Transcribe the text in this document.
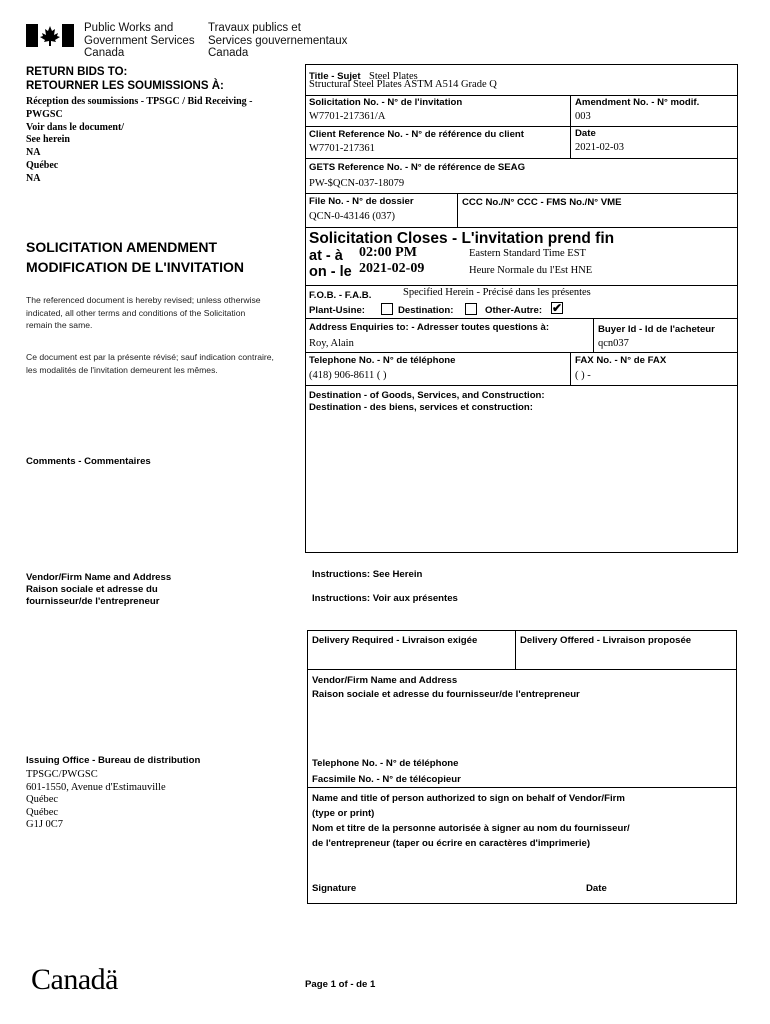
Public Works and
Government Services
Canada
Travaux publics et
Services gouvernementaux
Canada
RETURN BIDS TO:
RETOURNER LES SOUMISSIONS À:
Réception des soumissions - TPSGC / Bid Receiving -
PWGSC
Voir dans le document/
See herein
NA
Québec
NA
SOLICITATION AMENDMENT
MODIFICATION DE L'INVITATION
The referenced document is hereby revised; unless otherwise
indicated, all other terms and conditions of the Solicitation
remain the same.
Ce document est par la présente révisé; sauf indication contraire,
les modalités de l'invitation demeurent les mêmes.
Comments - Commentaires
Vendor/Firm Name and Address
Raison sociale et adresse du
fournisseur/de l'entrepreneur
Issuing Office - Bureau de distribution
TPSGC/PWGSC
601-1550, Avenue d'Estimauville
Québec
Québec
G1J 0C7
Title - Sujet Steel Plates
Structural Steel Plates ASTM A514 Grade Q
Solicitation No. - N° de l'invitation
W7701-217361/A
Amendment No. - N° modif.
003
Client Reference No. - N° de référence du client
W7701-217361
Date
2021-02-03
GETS Reference No. - N° de référence de SEAG
PW-$QCN-037-18079
File No. - N° de dossier
QCN-0-43146 (037)
CCC No./N° CCC - FMS No./N° VME
Solicitation Closes - L'invitation prend fin
at - à 02:00 PM	Eastern Standard Time EST
on - le 2021-02-09	Heure Normale du l'Est HNE
F.O.B. - F.A.B.	Specified Herein - Précisé dans les présentes
Plant-Usine:	Destination:	Other-Autre: ✔
Address Enquiries to: - Adresser toutes questions à:
Roy, Alain
Buyer Id - Id de l'acheteur
qcn037
Telephone No. - N° de téléphone
(418) 906-8611 ( )
FAX No. - N° de FAX
( ) -
Destination - of Goods, Services, and Construction:
Destination - des biens, services et construction:
Instructions: See Herein
Instructions: Voir aux présentes
Delivery Required - Livraison exigée	Delivery Offered - Livraison proposée
Vendor/Firm Name and Address
Raison sociale et adresse du fournisseur/de l'entrepreneur
Telephone No. - N° de téléphone
Facsimile No. - N° de télécopieur
Name and title of person authorized to sign on behalf of Vendor/Firm
(type or print)
Nom et titre de la personne autorisée à signer au nom du fournisseur/
de l'entrepreneur (taper ou écrire en caractères d'imprimerie)
Signature	Date
Canadä	Page 1 of - de 1
